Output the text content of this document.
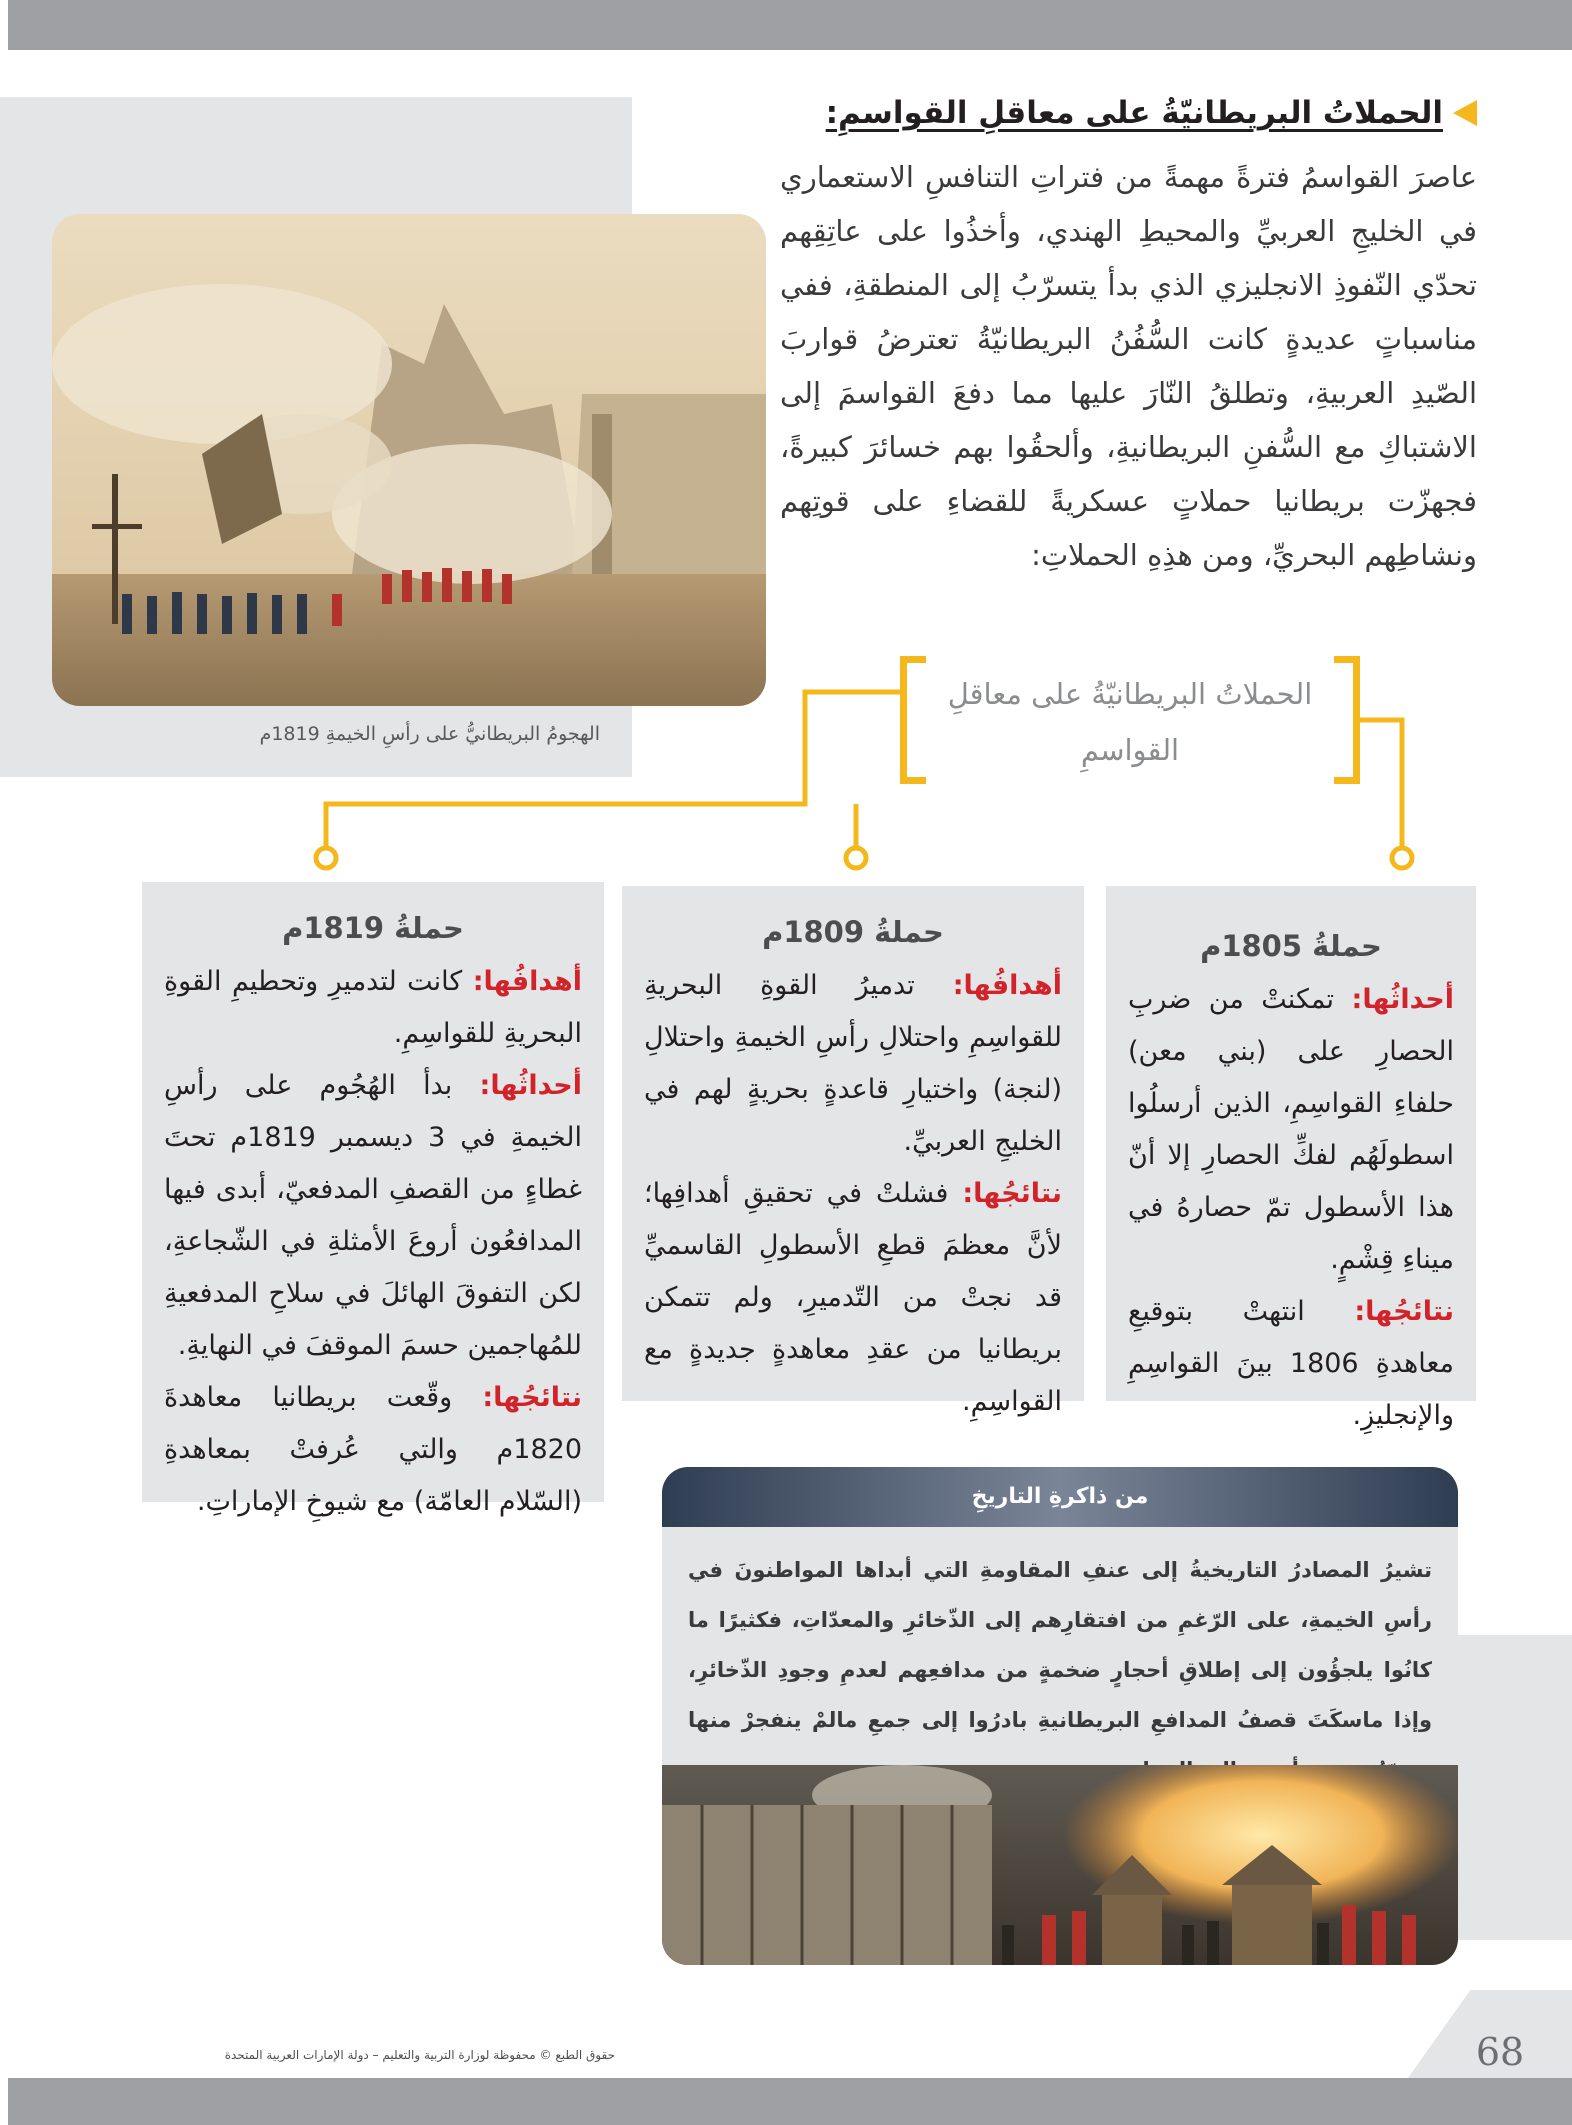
الهجومُ البريطانيُّ على رأسِ الخيمةِ 1819م
الحملاتُ البريطانيّةُ على معاقلِ القواسمِ:

عاصرَ القواسمُ فترةً مهمةً من فتراتِ التنافسِ الاستعماري في الخليجِ العربيِّ والمحيطِ الهندي، وأخذُوا على عاتِقِهم تحدّي النّفوذِ الانجليزي الذي بدأ يتسرّبُ إلى المنطقةِ، ففي مناسباتٍ عديدةٍ كانت السُّفُنُ البريطانيّةُ تعترضُ قواربَ الصّيدِ العربيةِ، وتطلقُ النّارَ عليها مما دفعَ القواسمَ إلى الاشتباكِ مع السُّفنِ البريطانيةِ، وألحقُوا بهم خسائرَ كبيرةً، فجهزّت بريطانيا حملاتٍ عسكريةً للقضاءِ على قوتِهم ونشاطِهم البحريِّ، ومن هذِهِ الحملاتِ:

الحملاتُ البريطانيّةُ على معاقلِ القواسمِ
حملةُ 1805م

أحداثُها: تمكنتْ من ضربِ الحصارِ على (بني معن) حلفاءِ القواسِمِ، الذين أرسلُوا اسطولَهُم لفكِّ الحصارِ إلا أنّ هذا الأسطول تمّ حصارهُ في ميناءِ قِشْمٍ.

نتائجُها: انتهتْ بتوقيعِ معاهدةِ 1806 بينَ القواسِمِ والإنجليزِ.

حملةُ 1809م

أهدافُها: تدميرُ القوةِ البحريةِ للقواسِمِ واحتلالِ رأسِ الخيمةِ واحتلالِ (لنجة) واختيارِ قاعدةٍ بحريةٍ لهم في الخليجِ العربيِّ.

نتائجُها: فشلتْ في تحقيقِ أهدافِها؛ لأنَّ معظمَ قطعِ الأسطولِ القاسميِّ قد نجتْ من التّدميرِ، ولم تتمكن بريطانيا من عقدِ معاهدةٍ جديدةٍ مع القواسِمِ.

حملةُ 1819م

أهدافُها: كانت لتدميرِ وتحطيمِ القوةِ البحريةِ للقواسِمِ.

أحداثُها: بدأ الهُجُوم على رأسِ الخيمةِ في 3 ديسمبر 1819م تحتَ غطاءٍ من القصفِ المدفعيّ، أبدى فيها المدافعُون أروعَ الأمثلةِ في الشّجاعةِ، لكن التفوقَ الهائلَ في سلاحِ المدفعيةِ للمُهاجمين حسمَ الموقفَ في النهايةِ.

نتائجُها: وقّعت بريطانيا معاهدةَ 1820م والتي عُرفتْ بمعاهدةِ (السّلام العامّة) مع شيوخِ الإماراتِ.	من ذاكرةِ التاريخِ
تشيرُ المصادرُ التاريخيةُ إلى عنفِ المقاومةِ التي أبداها المواطنونَ في رأسِ الخيمةِ، على الرّغمِ من افتقارِهم إلى الذّخائرِ والمعدّاتِ، فكثيرًا ما كانُوا يلجؤُون إلى إطلاقِ أحجارٍ ضخمةٍ من مدافعِهم لعدمِ وجودِ الذّخائرِ، وإذا ماسكَتَ قصفُ المدافعِ البريطانيةِ بادرُوا إلى جمعِ مالمْ ينفجرْ منها
68
حقوق الطبع © محفوظة لوزارة التربية والتعليم – دولة الإمارات العربية المتحدة
